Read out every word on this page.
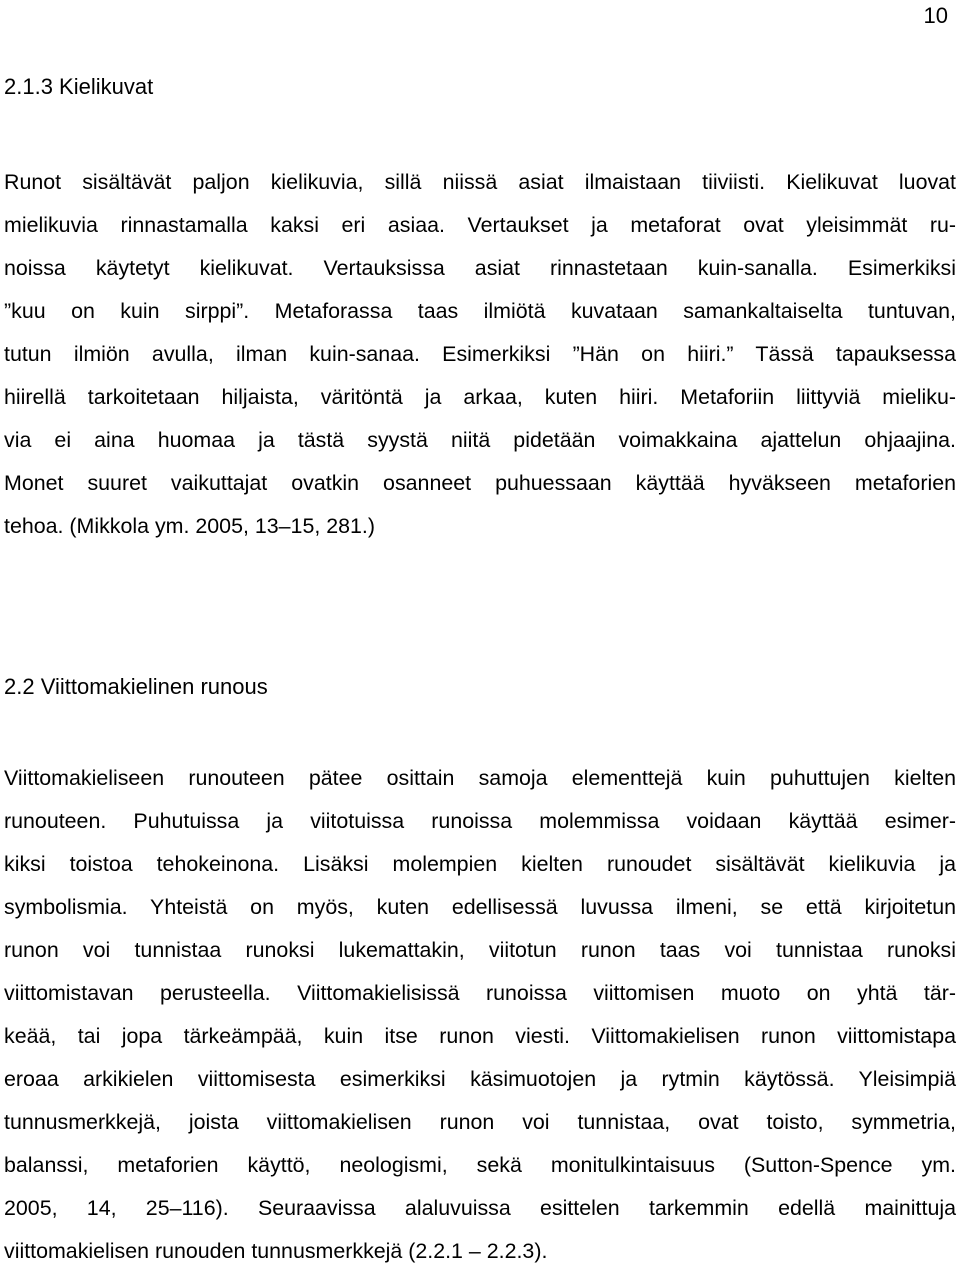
10
2.1.3 Kielikuvat
Runot sisältävät paljon kielikuvia, sillä niissä asiat ilmaistaan tiiviisti. Kielikuvat luovat
mielikuvia rinnastamalla kaksi eri asiaa. Vertaukset ja metaforat ovat yleisimmät ru-
noissa käytetyt kielikuvat. Vertauksissa asiat rinnastetaan kuin-sanalla. Esimerkiksi
”kuu on kuin sirppi”. Metaforassa taas ilmiötä kuvataan samankaltaiselta tuntuvan,
tutun ilmiön avulla, ilman kuin-sanaa. Esimerkiksi ”Hän on hiiri.” Tässä tapauksessa
hiirellä tarkoitetaan hiljaista, väritöntä ja arkaa, kuten hiiri. Metaforiin liittyviä mieliku-
via ei aina huomaa ja tästä syystä niitä pidetään voimakkaina ajattelun ohjaajina.
Monet suuret vaikuttajat ovatkin osanneet puhuessaan käyttää hyväkseen metaforien
tehoa. (Mikkola ym. 2005, 13–15, 281.)
2.2 Viittomakielinen runous
Viittomakieliseen runouteen pätee osittain samoja elementtejä kuin puhuttujen kielten
runouteen. Puhutuissa ja viitotuissa runoissa molemmissa voidaan käyttää esimer-
kiksi toistoa tehokeinona. Lisäksi molempien kielten runoudet sisältävät kielikuvia ja
symbolismia. Yhteistä on myös, kuten edellisessä luvussa ilmeni, se että kirjoitetun
runon voi tunnistaa runoksi lukemattakin, viitotun runon taas voi tunnistaa runoksi
viittomistavan perusteella. Viittomakielisissä runoissa viittomisen muoto on yhtä tär-
keää, tai jopa tärkeämpää, kuin itse runon viesti. Viittomakielisen runon viittomistapa
eroaa arkikielen viittomisesta esimerkiksi käsimuotojen ja rytmin käytössä. Yleisimpiä
tunnusmerkkejä, joista viittomakielisen runon voi tunnistaa, ovat toisto, symmetria,
balanssi, metaforien käyttö, neologismi, sekä monitulkintaisuus (Sutton-Spence ym.
2005, 14, 25–116). Seuraavissa alaluvuissa esittelen tarkemmin edellä mainittuja
viittomakielisen runouden tunnusmerkkejä (2.2.1 – 2.2.3).
